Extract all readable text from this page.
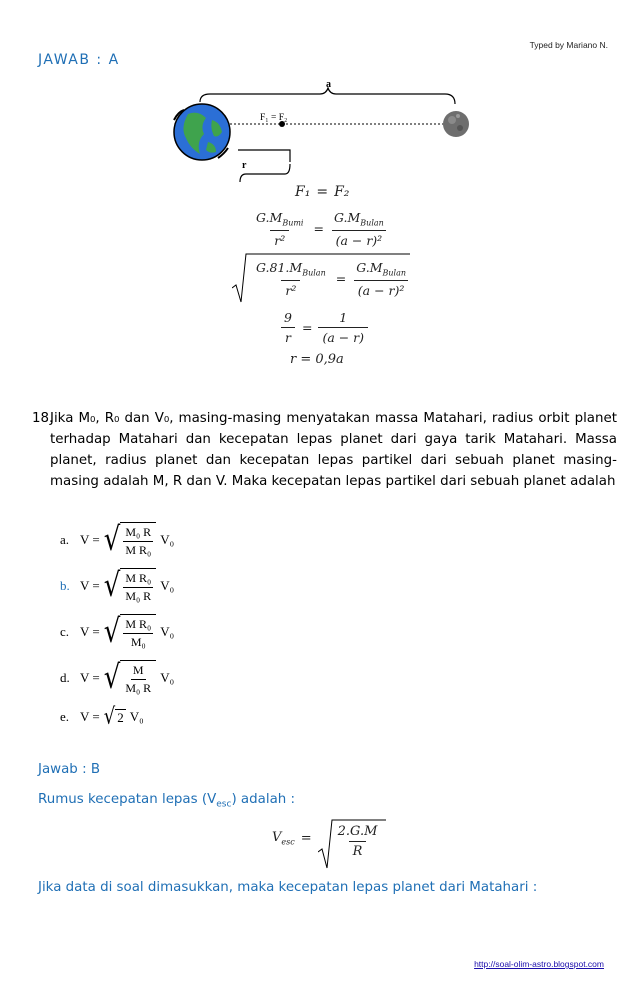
Typed by Mariano N.
JAWAB : A
a
F₁ = F₂
r
F₁ = F₂
$\frac{G.M_{Bumi}}{\text{r²}} = \frac{G.M_{Bulan}}{\text{(a − r)²}}$
$\frac{G.81.M_{Bulan}}{\text{r²}} = \frac{G.M_{Bulan}}{\text{(a − r)²}}$
$\frac{9}{r} = \frac{1}{(a - r)}$
r = 0,9a
18.
Jika M₀, R₀ dan V₀, masing-masing menyatakan massa Matahari, radius orbit planet terhadap Matahari dan kecepatan lepas planet dari gaya tarik Matahari. Massa planet, radius planet dan kecepatan lepas partikel dari sebuah planet masing-masing adalah M, R dan V. Maka kecepatan lepas partikel dari sebuah planet adalah
a. V = √ M₀ R
M R₀
V₀
b. V = √ M R₀
M₀ R
V₀
c. V = √ M R₀
M₀
V₀
d. V = √ M
M₀ R
V₀
e. V = √ 2 V₀
Jawab : B
Rumus kecepatan lepas $(V_{esc})$ adalah :
$V_{esc}$ =	$\frac{2.G.M}{R}$
Jika data di soal dimasukkan, maka kecepatan lepas planet dari Matahari :
http://soal-olim-astro.blogspot.com
